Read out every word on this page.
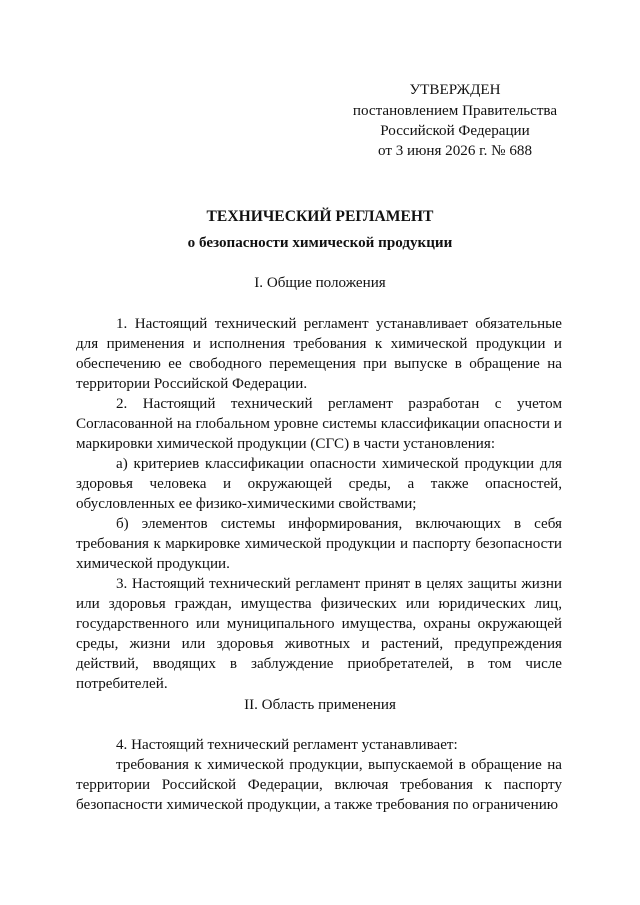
УТВЕРЖДЕН
постановлением Правительства
Российской Федерации
от 3 июня 2026 г. № 688
ТЕХНИЧЕСКИЙ РЕГЛАМЕНТ
о безопасности химической продукции
I. Общие положения

1. Настоящий технический регламент устанавливает обязательные для применения и исполнения требования к химической продукции и обеспечению ее свободного перемещения при выпуске в обращение на территории Российской Федерации.

2. Настоящий технический регламент разработан с учетом Согласованной на глобальном уровне системы классификации опасности и маркировки химической продукции (СГС) в части установления:

а) критериев классификации опасности химической продукции для здоровья человека и окружающей среды, а также опасностей, обусловленных ее физико-химическими свойствами;

б) элементов системы информирования, включающих в себя требования к маркировке химической продукции и паспорту безопасности химической продукции.

3. Настоящий технический регламент принят в целях защиты жизни или здоровья граждан, имущества физических или юридических лиц, государственного или муниципального имущества, охраны окружающей среды, жизни или здоровья животных и растений, предупреждения действий, вводящих в заблуждение приобретателей, в том числе потребителей.

II. Область применения

4. Настоящий технический регламент устанавливает:

требования к химической продукции, выпускаемой в обращение на территории Российской Федерации, включая требования к паспорту безопасности химической продукции, а также требования по ограничению
